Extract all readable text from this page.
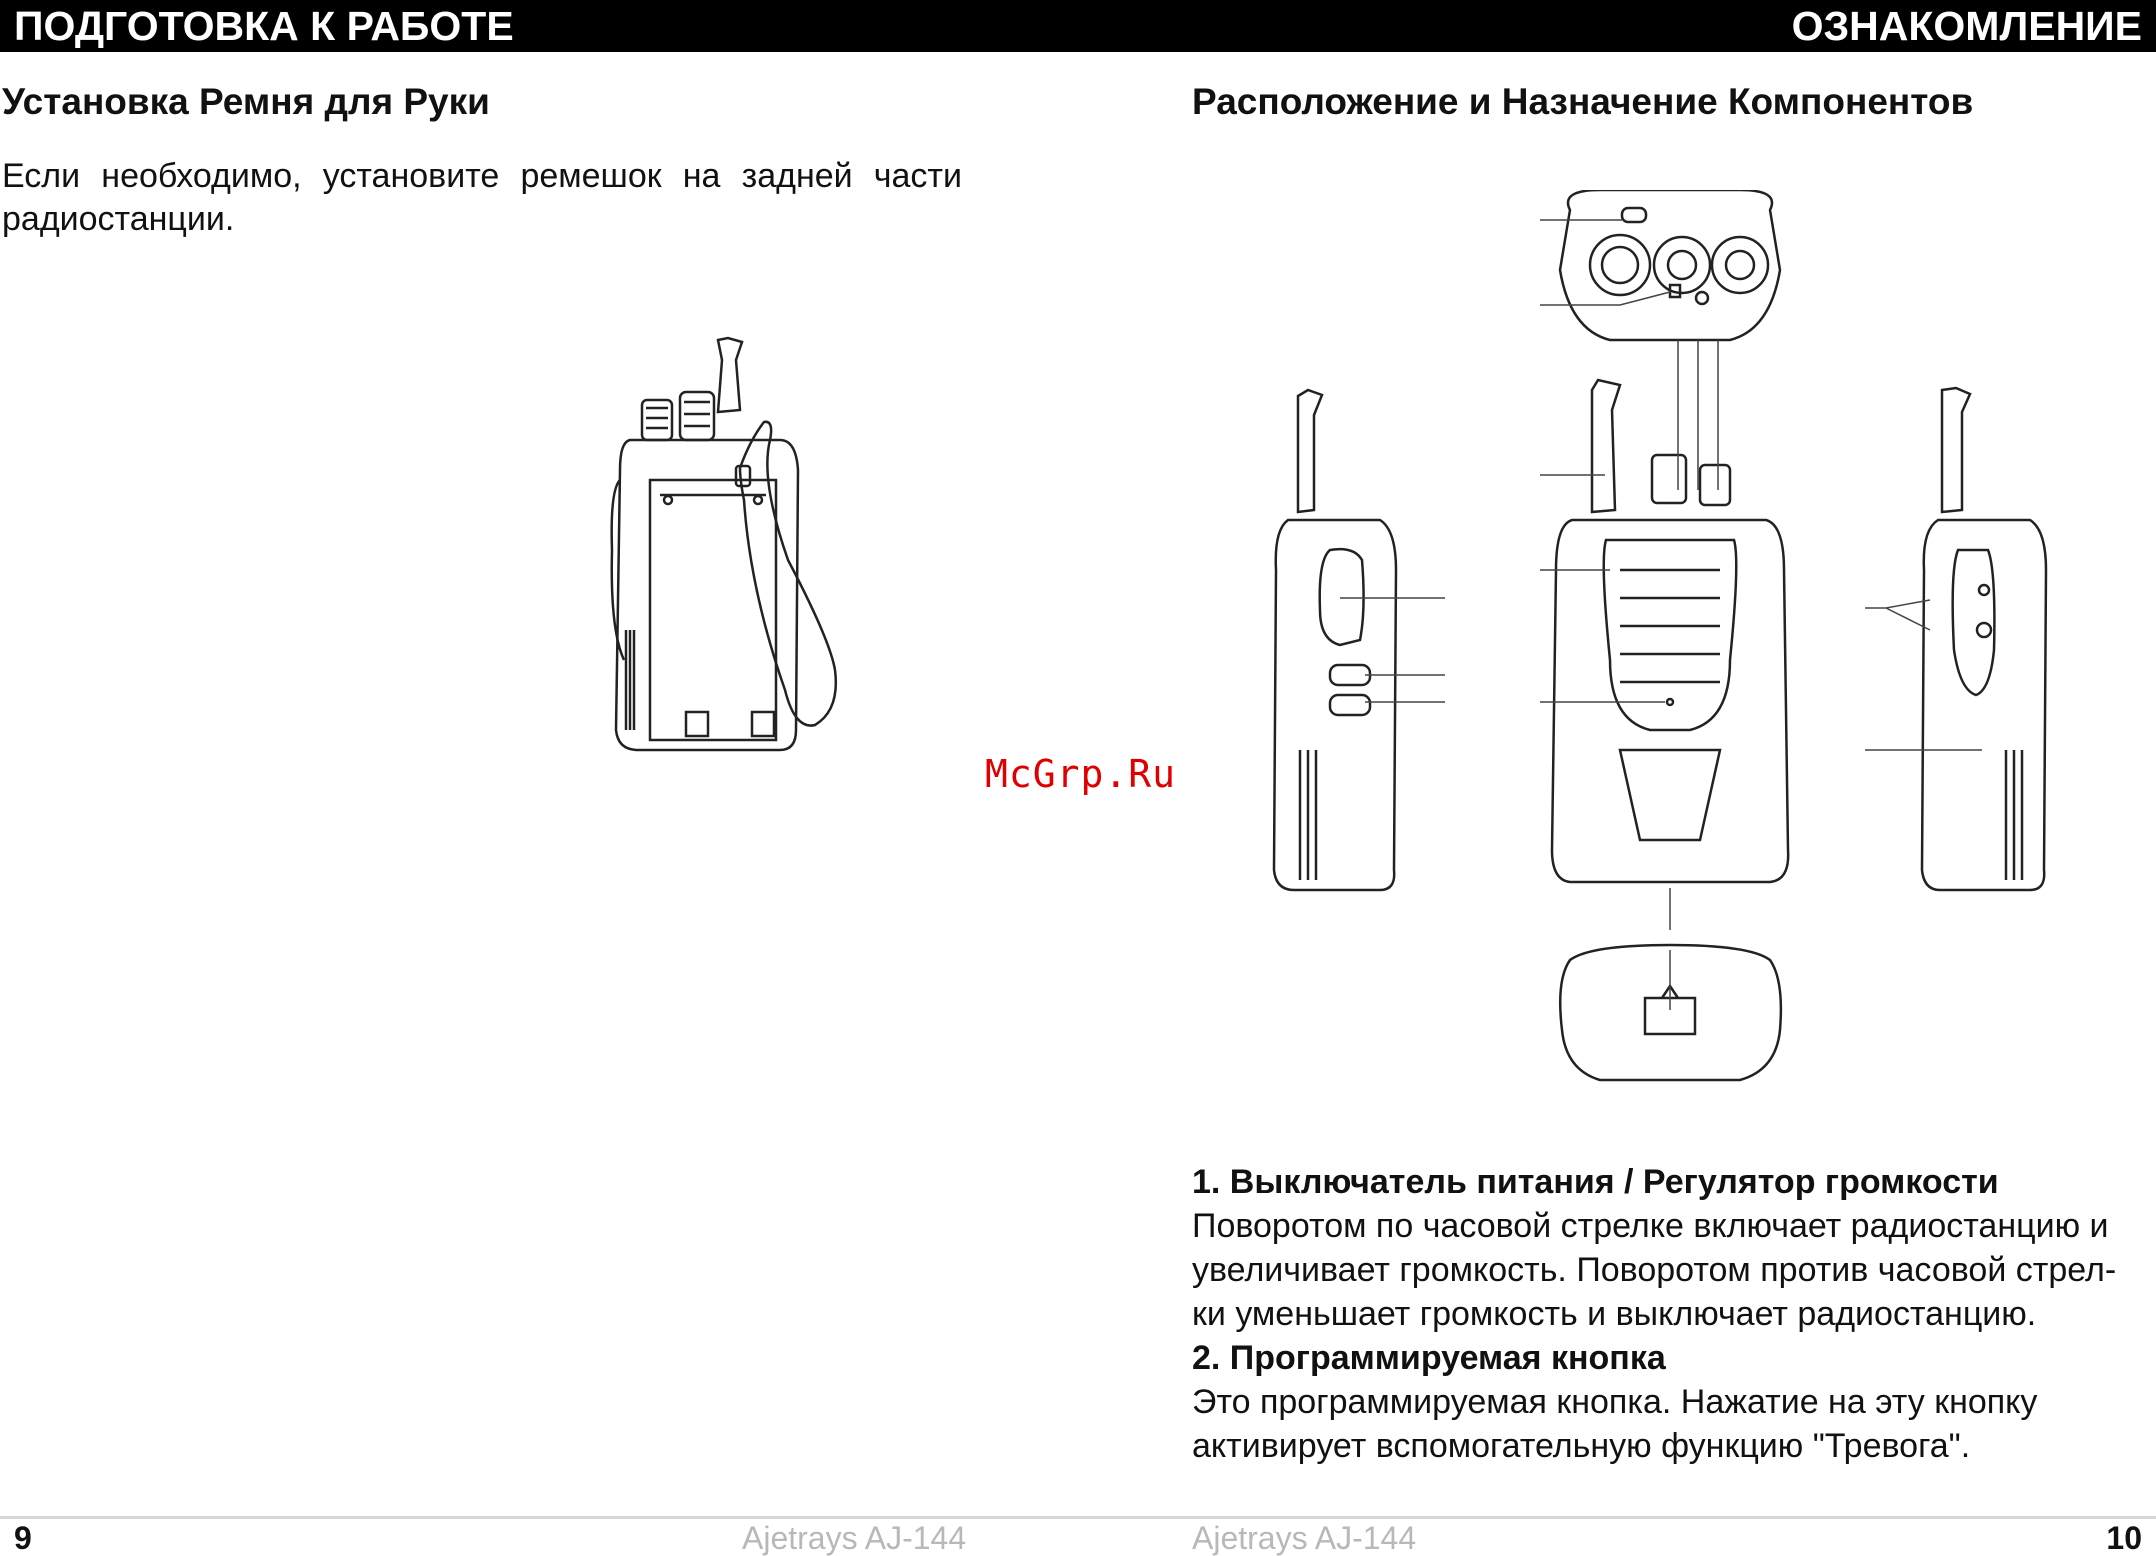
ПОДГОТОВКА К РАБОТЕ	ОЗНАКОМЛЕНИЕ
Установка Ремня для Руки
Если необходимо, установите ремешок на задней части радиостанции.
McGrp.Ru
Расположение и Назначение Компонентов

1. Выключатель питания / Регулятор громкости

Поворотом по часовой стрелке включает радиостанцию и

увеличивает громкость. Поворотом против часовой стрел-

ки уменьшает громкость и выключает радиостанцию.

2. Программируемая кнопка

Это программируемая кнопка. Нажатие на эту кнопку

активирует вспомогательную функцию "Тревога".

9	Ajetrays AJ-144	Ajetrays AJ-144	10
